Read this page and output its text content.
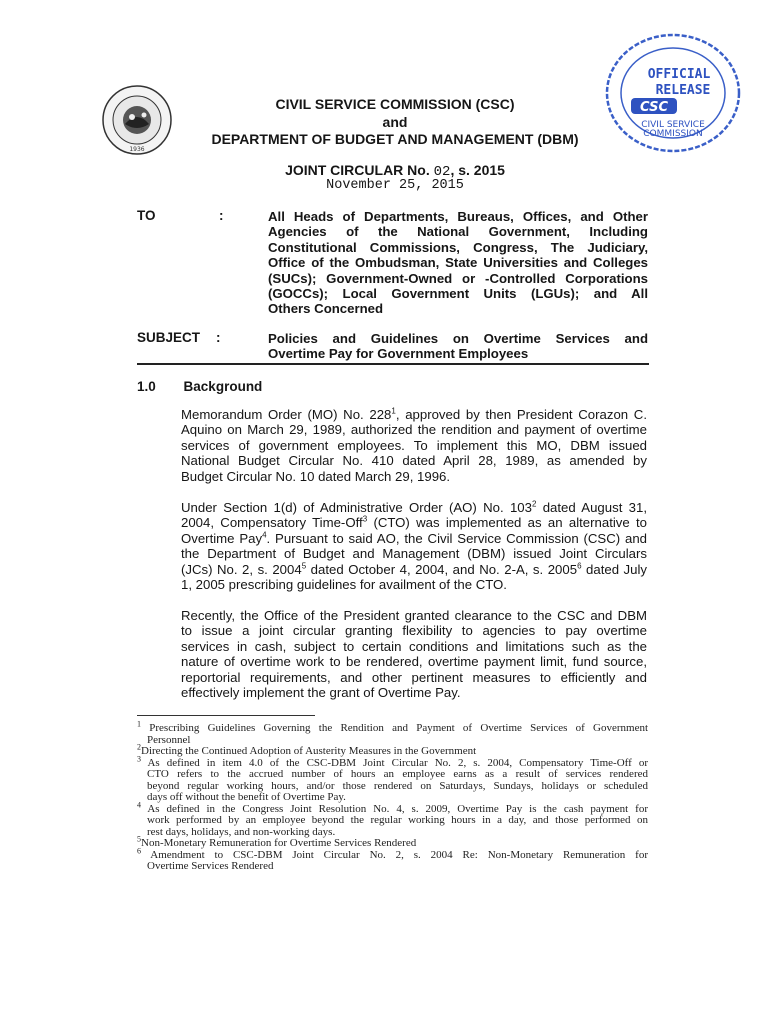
1936
OFFICIAL
RELEASE
CSC
CIVIL SERVICE
COMMISSION
CIVIL SERVICE COMMISSION (CSC)
and
DEPARTMENT OF BUDGET AND MANAGEMENT (DBM)
JOINT CIRCULAR No. 02, s. 2015
November 25, 2015
TO	:	All Heads of Departments, Bureaus, Offices, and Other
Agencies of the National Government, Including
Constitutional Commissions, Congress, The Judiciary,
Office of the Ombudsman, State Universities and Colleges
(SUCs); Government-Owned or -Controlled Corporations
(GOCCs); Local Government Units (LGUs); and All
Others Concerned
SUBJECT :	Policies and Guidelines on Overtime Services and
Overtime Pay for Government Employees
1.0 Background
Memorandum Order (MO) No. $228^1$, approved by then President Corazon C.
Aquino on March 29, 1989, authorized the rendition and payment of overtime
services of government employees. To implement this MO, DBM issued
National Budget Circular No. 410 dated April 28, 1989, as amended by
Budget Circular No. 10 dated March 29, 1996.
Under Section 1(d) of Administrative Order (AO) No. $103^2$ dated August 31,
2004, Compensatory Time-Off$^3$ (CTO) was implemented as an alternative to
Overtime Pay$^4$. Pursuant to said AO, the Civil Service Commission (CSC) and
the Department of Budget and Management (DBM) issued Joint Circulars
(JCs) No. 2, s. 2004$^5$ dated October 4, 2004, and No. 2-A, s. 2005$^6$ dated July
1, 2005 prescribing guidelines for availment of the CTO.
Recently, the Office of the President granted clearance to the CSC and DBM
to issue a joint circular granting flexibility to agencies to pay overtime
services in cash, subject to certain conditions and limitations such as the
nature of overtime work to be rendered, overtime payment limit, fund source,
reportorial requirements, and other pertinent measures to efficiently and
effectively implement the grant of Overtime Pay.
$^1$ Prescribing Guidelines Governing the Rendition and Payment of Overtime Services of Government
Personnel
$^2$Directing the Continued Adoption of Austerity Measures in the Government
$^3$ As defined in item 4.0 of the CSC-DBM Joint Circular No. 2, s. 2004, Compensatory Time-Off or
CTO refers to the accrued number of hours an employee earns as a result of services rendered
beyond regular working hours, and/or those rendered on Saturdays, Sundays, holidays or scheduled
days off without the benefit of Overtime Pay.
$^4$ As defined in the Congress Joint Resolution No. 4, s. 2009, Overtime Pay is the cash payment for
work performed by an employee beyond the regular working hours in a day, and those performed on
rest days, holidays, and non-working days.
$^5$Non-Monetary Remuneration for Overtime Services Rendered
$^6$ Amendment to CSC-DBM Joint Circular No. 2, s. 2004 Re: Non-Monetary Remuneration for
Overtime Services Rendered
